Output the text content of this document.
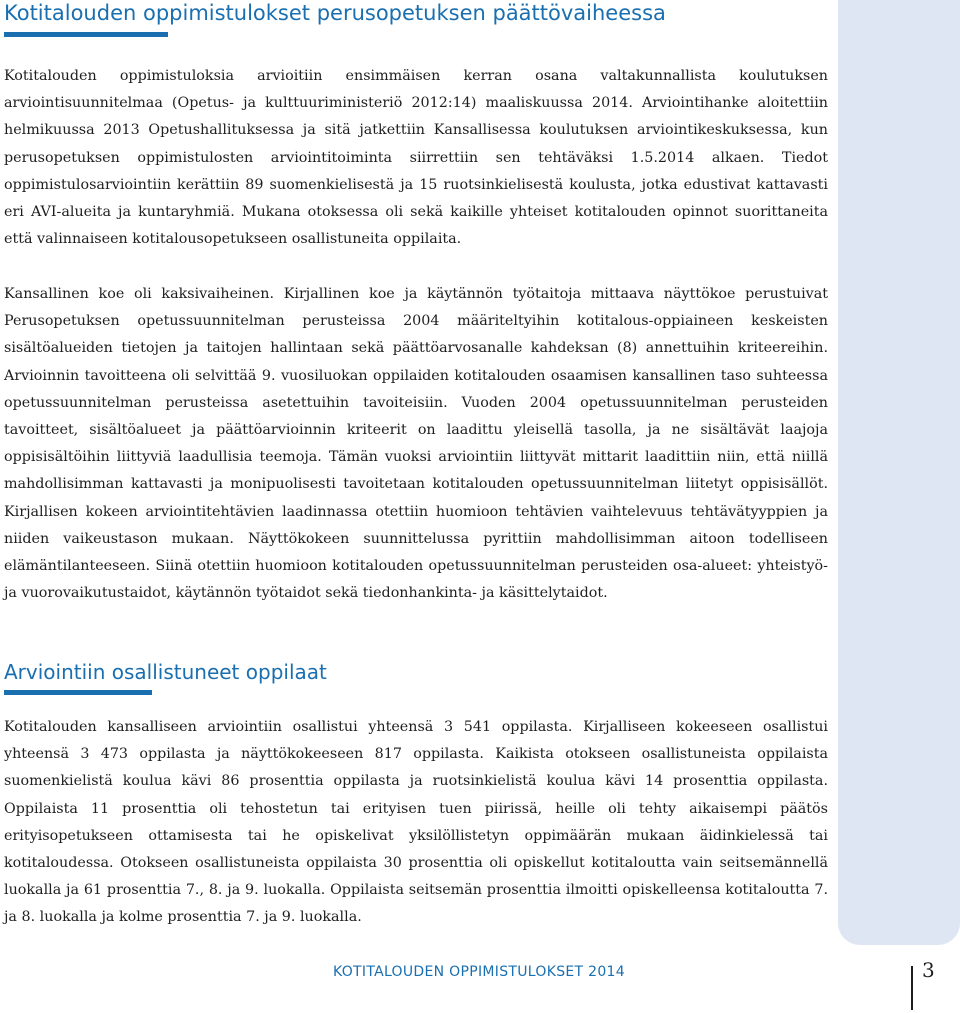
Kotitalouden oppimistulokset perusopetuksen päättövaiheessa

Kotitalouden oppimistuloksia arvioitiin ensimmäisen kerran osana valtakunnallista koulutuksen arviointisuunnitelmaa (Opetus- ja kulttuuriministeriö 2012:14) maaliskuussa 2014. Arviointihanke aloitettiin helmikuussa 2013 Opetushallituksessa ja sitä jatkettiin Kansallisessa koulutuksen arviointikeskuksessa, kun perusopetuksen oppimistulosten arviointitoiminta siirrettiin sen tehtäväksi 1.5.2014 alkaen. Tiedot oppimistulosarviointiin kerättiin 89 suomenkielisestä ja 15 ruotsinkielisestä koulusta, jotka edustivat kattavasti eri AVI-alueita ja kuntaryhmiä. Mukana otoksessa oli sekä kaikille yhteiset kotitalouden opinnot suorittaneita että valinnaiseen kotitalousopetukseen osallistuneita oppilaita.

Kansallinen koe oli kaksivaiheinen. Kirjallinen koe ja käytännön työtaitoja mittaava näyttökoe perustuivat Perusopetuksen opetussuunnitelman perusteissa 2004 määriteltyihin kotitalous-oppiaineen keskeisten sisältöalueiden tietojen ja taitojen hallintaan sekä päättöarvosanalle kahdeksan (8) annettuihin kriteereihin. Arvioinnin tavoitteena oli selvittää 9. vuosiluokan oppilaiden kotitalouden osaamisen kansallinen taso suhteessa opetussuunnitelman perusteissa asetettuihin tavoiteisiin. Vuoden 2004 opetussuunnitelman perusteiden tavoitteet, sisältöalueet ja päättöarvioinnin kriteerit on laadittu yleisellä tasolla, ja ne sisältävät laajoja oppisisältöihin liittyviä laadullisia teemoja. Tämän vuoksi arviointiin liittyvät mittarit laadittiin niin, että niillä mahdollisimman kattavasti ja monipuolisesti tavoitetaan kotitalouden opetussuunnitelman liitetyt oppisisällöt. Kirjallisen kokeen arviointitehtävien laadinnassa otettiin huomioon tehtävien vaihtelevuus tehtävätyyppien ja niiden vaikeustason mukaan. Näyttökokeen suunnittelussa pyrittiin mahdollisimman aitoon todelliseen elämäntilanteeseen. Siinä otettiin huomioon kotitalouden opetussuunnitelman perusteiden osa-alueet: yhteistyö- ja vuorovaikutustaidot, käytännön työtaidot sekä tiedonhankinta- ja käsittelytaidot.

Arviointiin osallistuneet oppilaat

Kotitalouden kansalliseen arviointiin osallistui yhteensä 3 541 oppilasta. Kirjalliseen kokeeseen osallistui yhteensä 3 473 oppilasta ja näyttökokeeseen 817 oppilasta. Kaikista otokseen osallistuneista oppilaista suomenkielistä koulua kävi 86 prosenttia oppilasta ja ruotsinkielistä koulua kävi 14 prosenttia oppilasta. Oppilaista 11 prosenttia oli tehostetun tai erityisen tuen piirissä, heille oli tehty aikaisempi päätös erityisopetukseen ottamisesta tai he opiskelivat yksilöllistetyn oppimäärän mukaan äidinkielessä tai kotitaloudessa. Otokseen osallistuneista oppilaista 30 prosenttia oli opiskellut kotitaloutta vain seitsemännellä luokalla ja 61 prosenttia 7., 8. ja 9. luokalla. Oppilaista seitsemän prosenttia ilmoitti opiskelleensa kotitaloutta 7. ja 8. luokalla ja kolme prosenttia 7. ja 9. luokalla.

KOTITALOUDEN OPPIMISTULOKSET 2014	3
